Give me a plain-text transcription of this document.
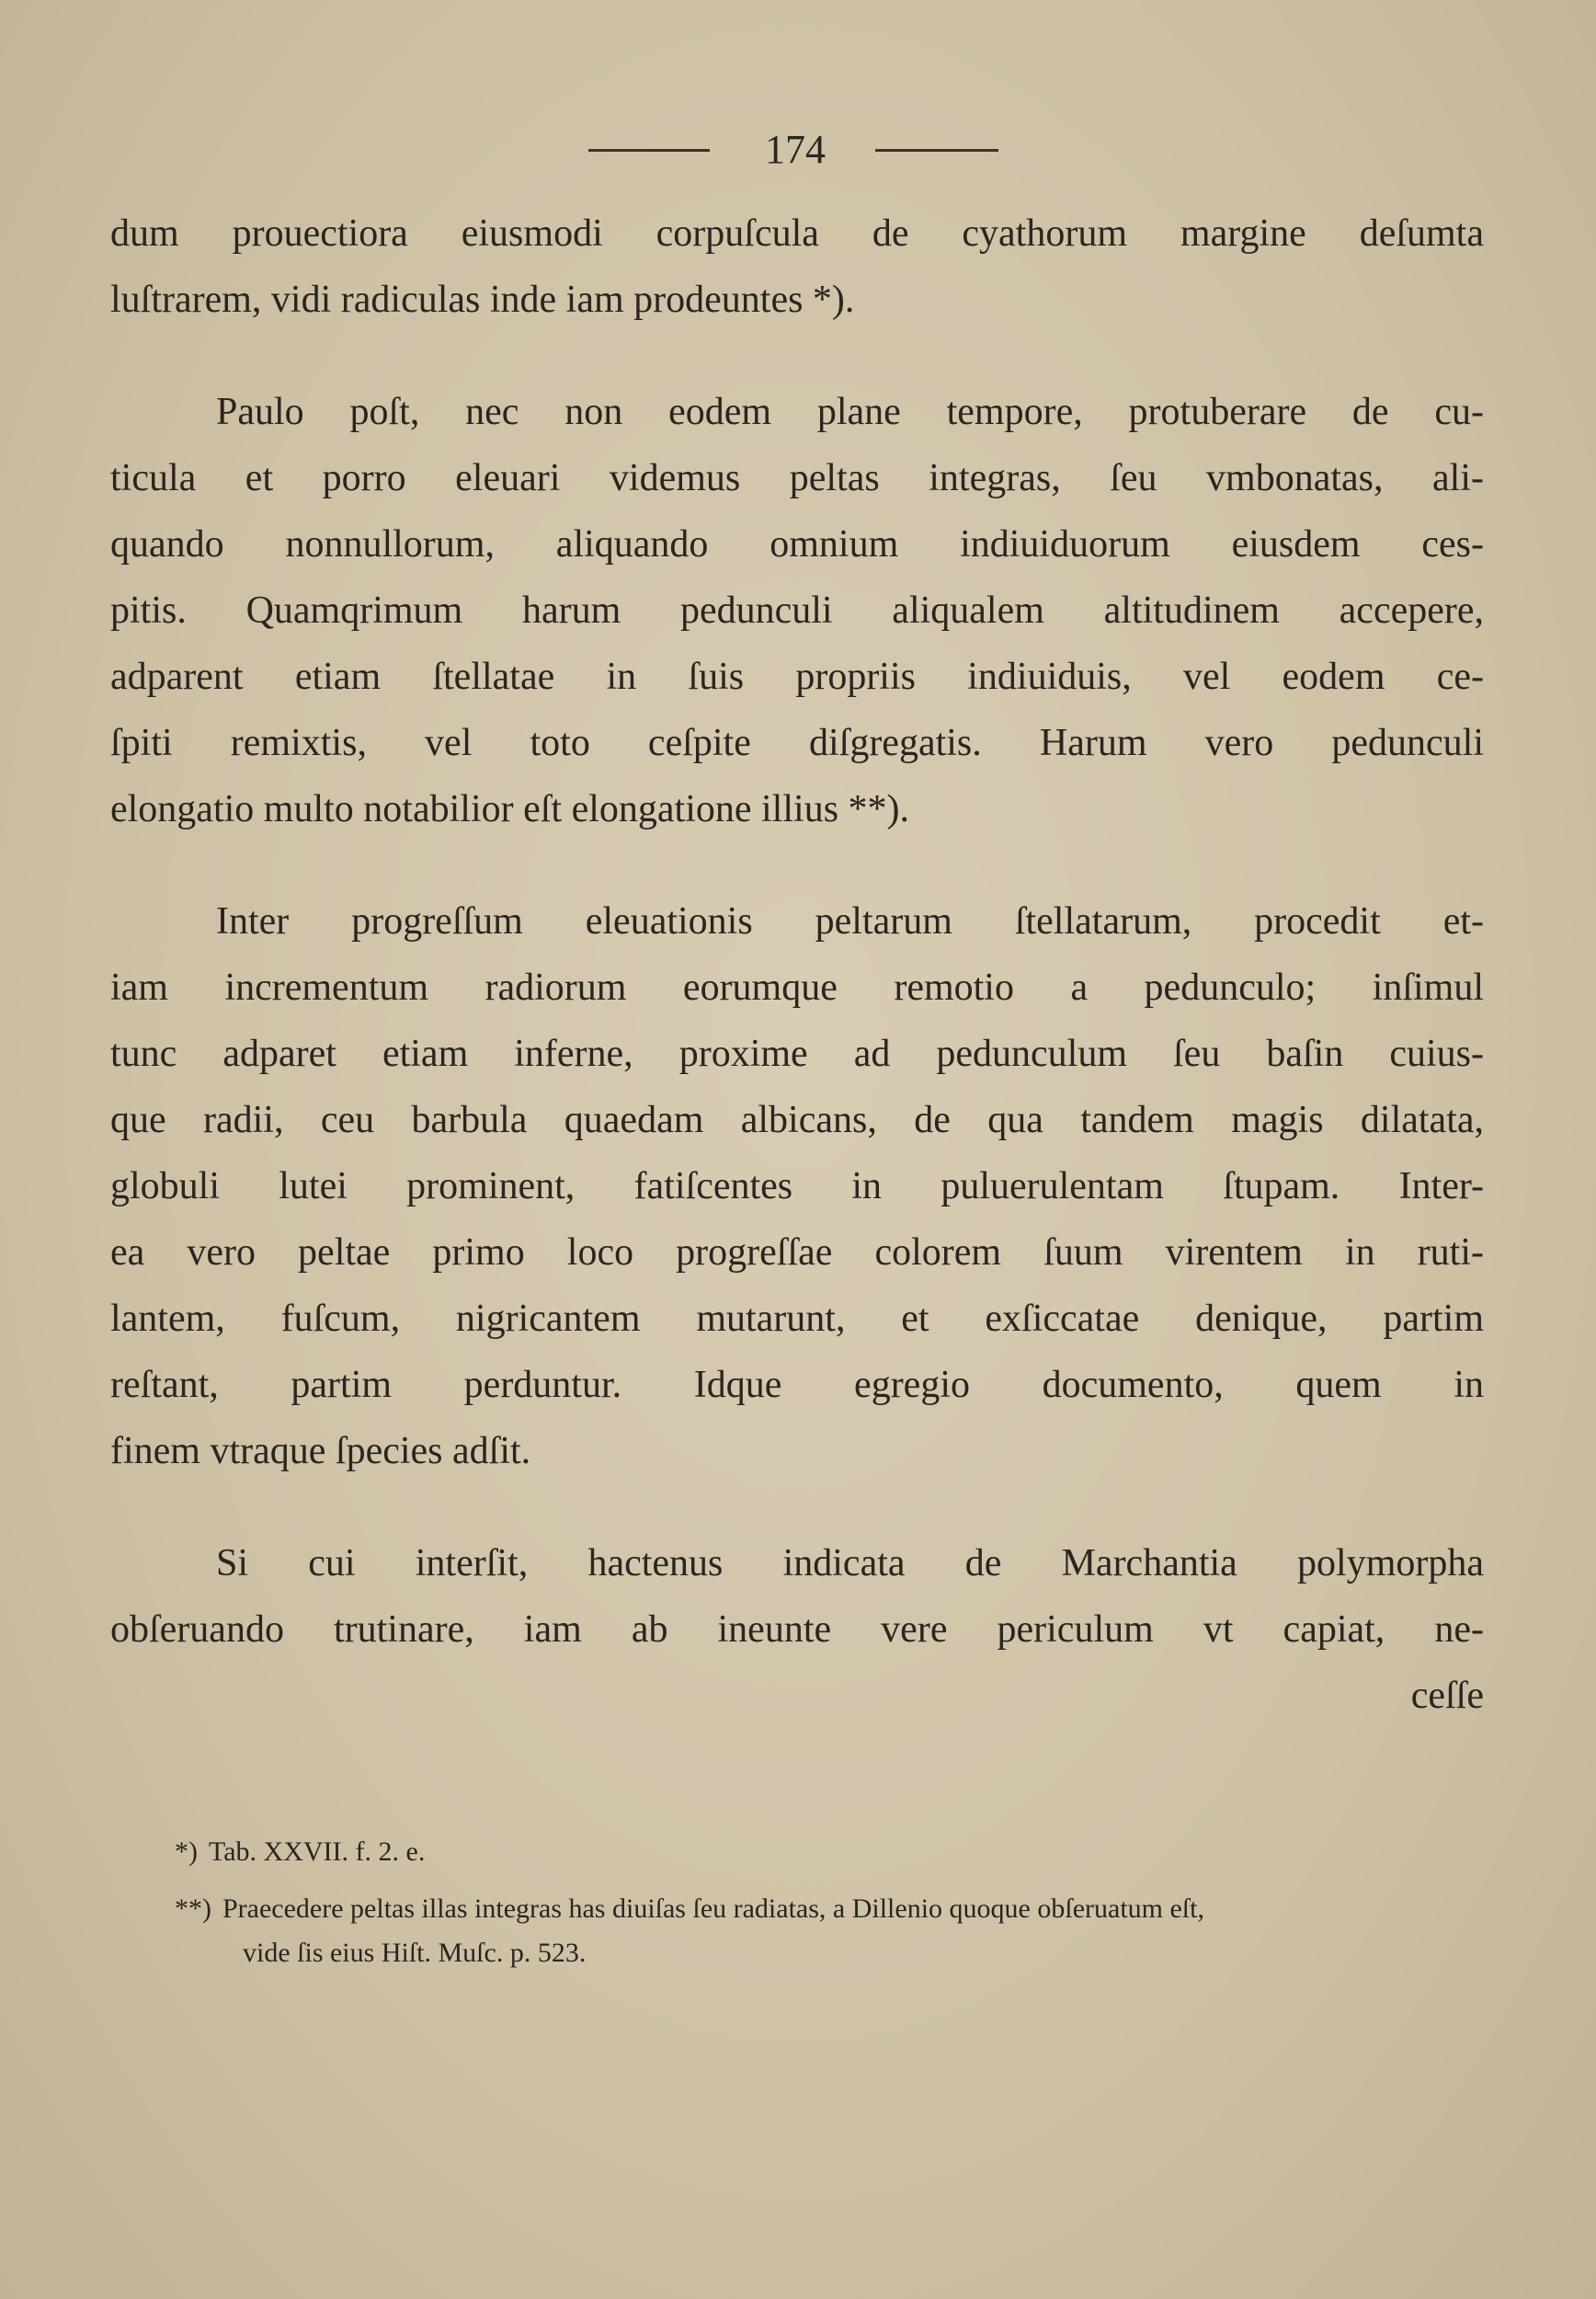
174
dum prouectiora eiusmodi corpuſcula de cyathorum margine deſumta
luſtrarem, vidi radiculas inde iam prodeuntes *).
Paulo poſt, nec non eodem plane tempore, protuberare de cu-
ticula et porro eleuari videmus peltas integras, ſeu vmbonatas, ali-
quando nonnullorum, aliquando omnium indiuiduorum eiusdem ces-
pitis. Quamqrimum harum pedunculi aliqualem altitudinem accepere,
adparent etiam ſtellatae in ſuis propriis indiuiduis, vel eodem ce-
ſpiti remixtis, vel toto ceſpite diſgregatis. Harum vero pedunculi
elongatio multo notabilior eſt elongatione illius **).
Inter progreſſum eleuationis peltarum ſtellatarum, procedit et-
iam incrementum radiorum eorumque remotio a pedunculo; inſimul
tunc adparet etiam inferne, proxime ad pedunculum ſeu baſin cuius-
que radii, ceu barbula quaedam albicans, de qua tandem magis dilatata,
globuli lutei prominent, fatiſcentes in puluerulentam ſtupam. Inter-
ea vero peltae primo loco progreſſae colorem ſuum virentem in ruti-
lantem, fuſcum, nigricantem mutarunt, et exſiccatae denique, partim
reſtant, partim perduntur. Idque egregio documento, quem in
finem vtraque ſpecies adſit.
Si cui interſit, hactenus indicata de Marchantia polymorpha
obſeruando trutinare, iam ab ineunte vere periculum vt capiat, ne-
ceſſe
*) Tab. XXVII. f. 2. e.
**) Praecedere peltas illas integras has diuiſas ſeu radiatas, a Dillenio quoque obſeruatum eſt,
vide ſis eius Hiſt. Muſc. p. 523.
